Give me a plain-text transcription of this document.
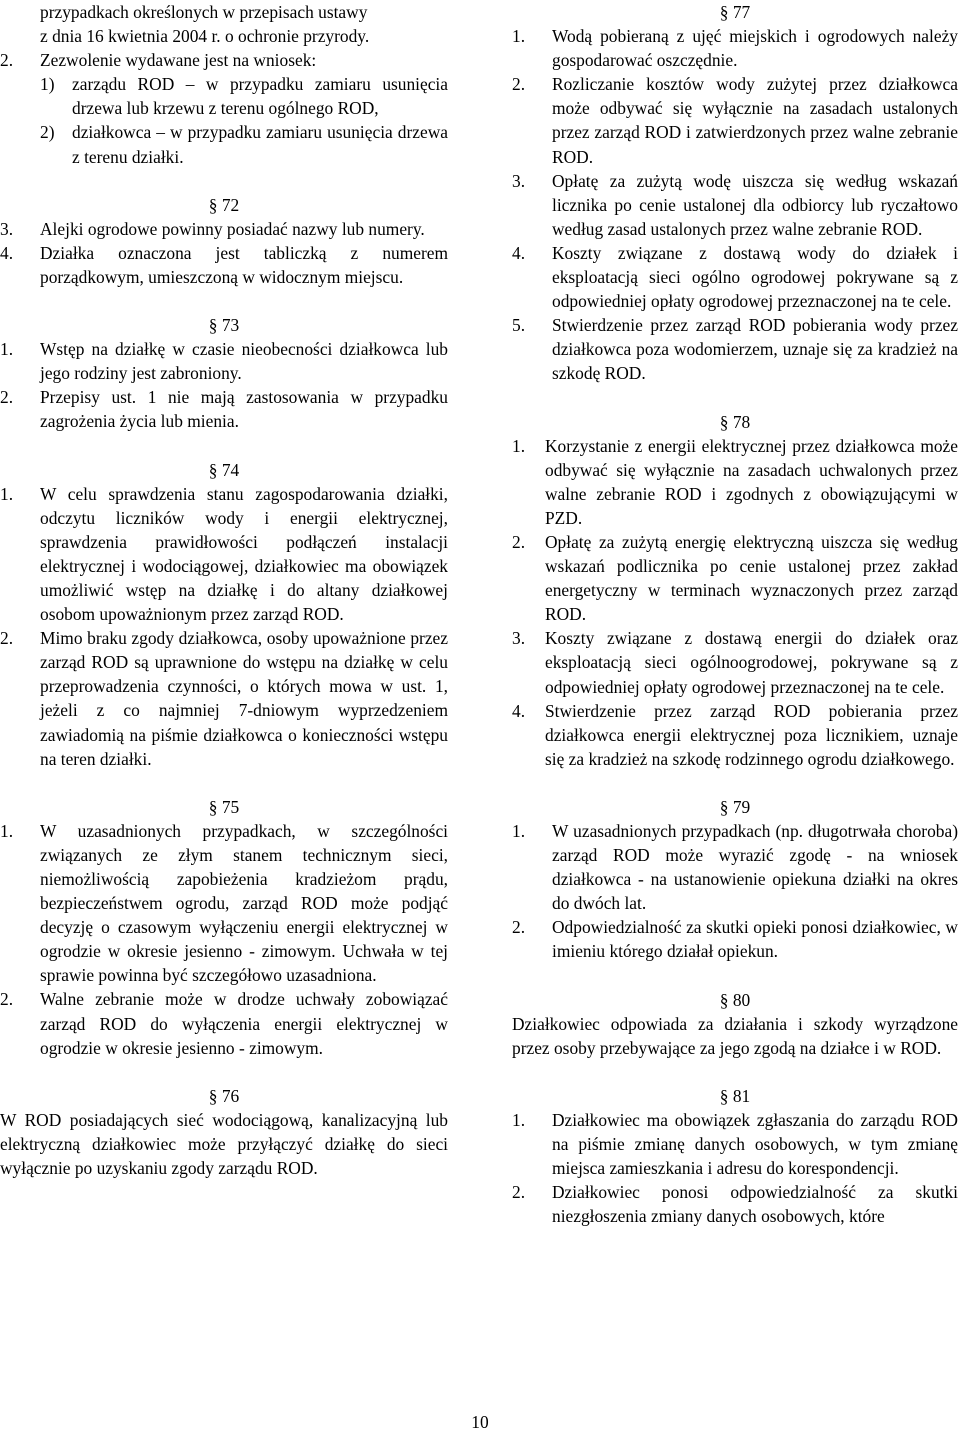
przypadkach określonych w przepisach ustawy
z dnia 16 kwietnia 2004 r. o ochronie przyrody.
2. Zezwolenie wydawane jest na wniosek:
1) zarządu ROD – w przypadku zamiaru usunięcia drzewa lub krzewu z terenu ogólnego ROD,
2) działkowca – w przypadku zamiaru usunięcia drzewa z terenu działki.
§ 72
3. Alejki ogrodowe powinny posiadać nazwy lub numery.
4. Działka oznaczona jest tabliczką z numerem porządkowym, umieszczoną w widocznym miejscu.
§ 73
1. Wstęp na działkę w czasie nieobecności działkowca lub jego rodziny jest zabroniony.
2. Przepisy ust. 1 nie mają zastosowania w przypadku zagrożenia życia lub mienia.
§ 74
1. W celu sprawdzenia stanu zagospodarowania działki, odczytu liczników wody i energii elektrycznej, sprawdzenia prawidłowości podłączeń instalacji elektrycznej i wodociągowej, działkowiec ma obowiązek umożliwić wstęp na działkę i do altany działkowej osobom upoważnionym przez zarząd ROD.
2. Mimo braku zgody działkowca, osoby upoważnione przez zarząd ROD są uprawnione do wstępu na działkę w celu przeprowadzenia czynności, o których mowa w ust. 1, jeżeli z co najmniej 7-dniowym wyprzedzeniem zawiadomią na piśmie działkowca o konieczności wstępu na teren działki.
§ 75
1. W uzasadnionych przypadkach, w szczególności związanych ze złym stanem technicznym sieci, niemożliwością zapobieżenia kradzieżom prądu, bezpieczeństwem ogrodu, zarząd ROD może podjąć decyzję o czasowym wyłączeniu energii elektrycznej w ogrodzie w okresie jesienno - zimowym. Uchwała w tej sprawie powinna być szczegółowo uzasadniona.
2. Walne zebranie może w drodze uchwały zobowiązać zarząd ROD do wyłączenia energii elektrycznej w ogrodzie w okresie jesienno - zimowym.
§ 76
W ROD posiadających sieć wodociągową, kanalizacyjną lub elektryczną działkowiec może przyłączyć działkę do sieci wyłącznie po uzyskaniu zgody zarządu ROD.
§ 77
1. Wodą pobieraną z ujęć miejskich i ogrodowych należy gospodarować oszczędnie.
2. Rozliczanie kosztów wody zużytej przez działkowca może odbywać się wyłącznie na zasadach ustalonych przez zarząd ROD i zatwierdzonych przez walne zebranie ROD.
3. Opłatę za zużytą wodę uiszcza się według wskazań licznika po cenie ustalonej dla odbiorcy lub ryczałtowo według zasad ustalonych przez walne zebranie ROD.
4. Koszty związane z dostawą wody do działek i eksploatacją sieci ogólno ogrodowej pokrywane są z odpowiedniej opłaty ogrodowej przeznaczonej na te cele.
5. Stwierdzenie przez zarząd ROD pobierania wody przez działkowca poza wodomierzem, uznaje się za kradzież na szkodę ROD.
§ 78
1. Korzystanie z energii elektrycznej przez działkowca może odbywać się wyłącznie na zasadach uchwalonych przez walne zebranie ROD i zgodnych z obowiązującymi w PZD.
2. Opłatę za zużytą energię elektryczną uiszcza się według wskazań podlicznika po cenie ustalonej przez zakład energetyczny w terminach wyznaczonych przez zarząd ROD.
3. Koszty związane z dostawą energii do działek oraz eksploatacją sieci ogólnoogrodowej, pokrywane są z odpowiedniej opłaty ogrodowej przeznaczonej na te cele.
4. Stwierdzenie przez zarząd ROD pobierania przez działkowca energii elektrycznej poza licznikiem, uznaje się za kradzież na szkodę rodzinnego ogrodu działkowego.
§ 79
1. W uzasadnionych przypadkach (np. długotrwała choroba) zarząd ROD może wyrazić zgodę - na wniosek działkowca - na ustanowienie opiekuna działki na okres do dwóch lat.
2. Odpowiedzialność za skutki opieki ponosi działkowiec, w imieniu którego działał opiekun.
§ 80
Działkowiec odpowiada za działania i szkody wyrządzone przez osoby przebywające za jego zgodą na działce i w ROD.
§ 81
1. Działkowiec ma obowiązek zgłaszania do zarządu ROD na piśmie zmianę danych osobowych, w tym zmianę miejsca zamieszkania i adresu do korespondencji.
2. Działkowiec ponosi odpowiedzialność za skutki niezgłoszenia zmiany danych osobowych, które
10
